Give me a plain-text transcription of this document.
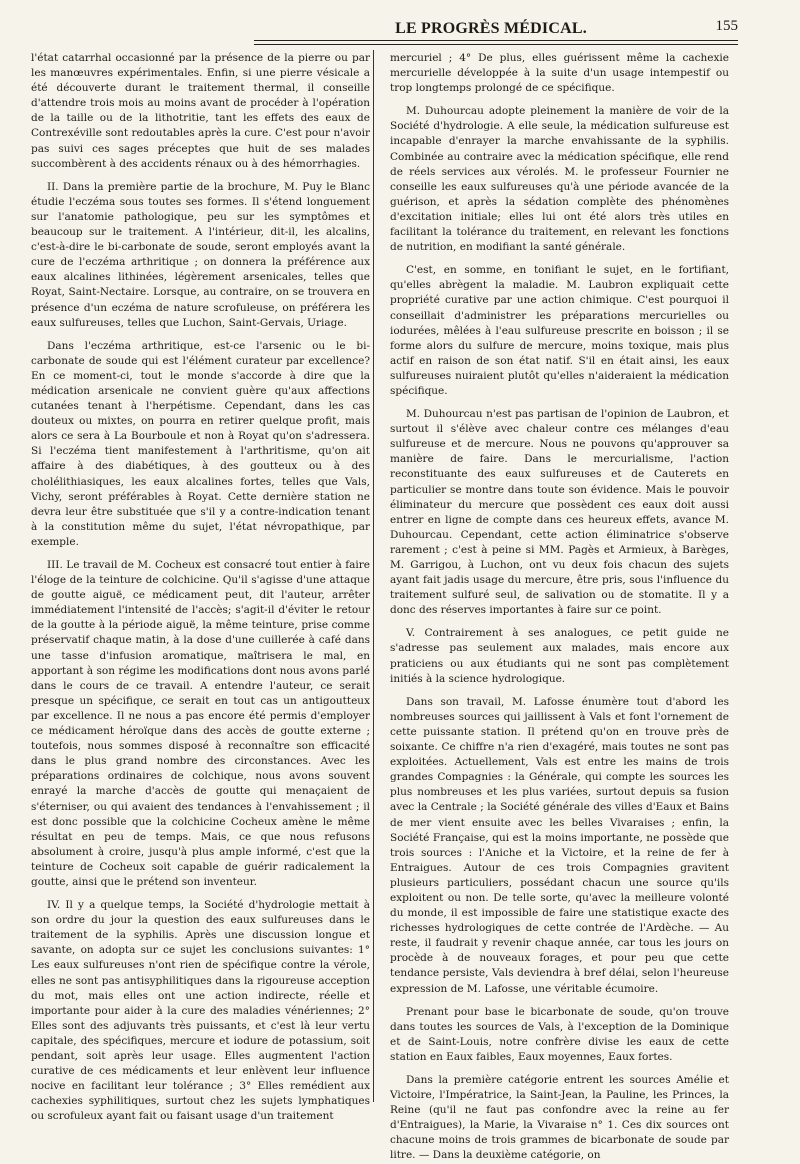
LE PROGRÈS MÉDICAL.	155

l'état catarrhal occasionné par la présence de la pierre ou par les manœuvres expérimentales. Enfin, si une pierre vésicale a été découverte durant le traitement thermal, il conseille d'attendre trois mois au moins avant de procéder à l'opération de la taille ou de la lithotritie, tant les effets des eaux de Contrexéville sont redoutables après la cure. C'est pour n'avoir pas suivi ces sages préceptes que huit de ses malades succombèrent à des accidents rénaux ou à des hémorrhagies.

II. Dans la première partie de la brochure, M. Puy le Blanc étudie l'eczéma sous toutes ses formes. Il s'étend longuement sur l'anatomie pathologique, peu sur les symptômes et beaucoup sur le traitement. A l'intérieur, dit-il, les alcalins, c'est-à-dire le bi-carbonate de soude, seront employés avant la cure de l'eczéma arthritique ; on donnera la préférence aux eaux alcalines lithinées, légèrement arsenicales, telles que Royat, Saint-Nectaire. Lorsque, au contraire, on se trouvera en présence d'un eczéma de nature scrofuleuse, on préférera les eaux sulfureuses, telles que Luchon, Saint-Gervais, Uriage.

Dans l'eczéma arthritique, est-ce l'arsenic ou le bi-carbonate de soude qui est l'élément curateur par excellence? En ce moment-ci, tout le monde s'accorde à dire que la médication arsenicale ne convient guère qu'aux affections cutanées tenant à l'herpétisme. Cependant, dans les cas douteux ou mixtes, on pourra en retirer quelque profit, mais alors ce sera à La Bourboule et non à Royat qu'on s'adressera. Si l'eczéma tient manifestement à l'arthritisme, qu'on ait affaire à des diabétiques, à des goutteux ou à des cholélithiasiques, les eaux alcalines fortes, telles que Vals, Vichy, seront préférables à Royat. Cette dernière station ne devra leur être substituée que s'il y a contre-indication tenant à la constitution même du sujet, l'état névropathique, par exemple.

III. Le travail de M. Cocheux est consacré tout entier à faire l'éloge de la teinture de colchicine. Qu'il s'agisse d'une attaque de goutte aiguë, ce médicament peut, dit l'auteur, arrêter immédiatement l'intensité de l'accès; s'agit-il d'éviter le retour de la goutte à la période aiguë, la même teinture, prise comme préservatif chaque matin, à la dose d'une cuillerée à café dans une tasse d'infusion aromatique, maîtrisera le mal, en apportant à son régime les modifications dont nous avons parlé dans le cours de ce travail. A entendre l'auteur, ce serait presque un spécifique, ce serait en tout cas un antigoutteux par excellence. Il ne nous a pas encore été permis d'employer ce médicament héroïque dans des accès de goutte externe ; toutefois, nous sommes disposé à reconnaître son efficacité dans le plus grand nombre des circonstances. Avec les préparations ordinaires de colchique, nous avons souvent enrayé la marche d'accès de goutte qui menaçaient de s'éterniser, ou qui avaient des tendances à l'envahissement ; il est donc possible que la colchicine Cocheux amène le même résultat en peu de temps. Mais, ce que nous refusons absolument à croire, jusqu'à plus ample informé, c'est que la teinture de Cocheux soit capable de guérir radicalement la goutte, ainsi que le prétend son inventeur.

IV. Il y a quelque temps, la Société d'hydrologie mettait à son ordre du jour la question des eaux sulfureuses dans le traitement de la syphilis. Après une discussion longue et savante, on adopta sur ce sujet les conclusions suivantes: 1° Les eaux sulfureuses n'ont rien de spécifique contre la vérole, elles ne sont pas antisyphilitiques dans la rigoureuse acception du mot, mais elles ont une action indirecte, réelle et importante pour aider à la cure des maladies vénériennes; 2° Elles sont des adjuvants très puissants, et c'est là leur vertu capitale, des spécifiques, mercure et iodure de potassium, soit pendant, soit après leur usage. Elles augmentent l'action curative de ces médicaments et leur enlèvent leur influence nocive en facilitant leur tolérance ; 3° Elles remédient aux cachexies syphilitiques, surtout chez les sujets lymphatiques ou scrofuleux ayant fait ou faisant usage d'un traitement

mercuriel ; 4° De plus, elles guérissent même la cachexie mercurielle développée à la suite d'un usage intempestif ou trop longtemps prolongé de ce spécifique.

M. Duhourcau adopte pleinement la manière de voir de la Société d'hydrologie. A elle seule, la médication sulfureuse est incapable d'enrayer la marche envahissante de la syphilis. Combinée au contraire avec la médication spécifique, elle rend de réels services aux vérolés. M. le professeur Fournier ne conseille les eaux sulfureuses qu'à une période avancée de la guérison, et après la sédation complète des phénomènes d'excitation initiale; elles lui ont été alors très utiles en facilitant la tolérance du traitement, en relevant les fonctions de nutrition, en modifiant la santé générale.

C'est, en somme, en tonifiant le sujet, en le fortifiant, qu'elles abrègent la maladie. M. Laubron expliquait cette propriété curative par une action chimique. C'est pourquoi il conseillait d'administrer les préparations mercurielles ou iodurées, mêlées à l'eau sulfureuse prescrite en boisson ; il se forme alors du sulfure de mercure, moins toxique, mais plus actif en raison de son état natif. S'il en était ainsi, les eaux sulfureuses nuiraient plutôt qu'elles n'aideraient la médication spécifique.

M. Duhourcau n'est pas partisan de l'opinion de Laubron, et surtout il s'élève avec chaleur contre ces mélanges d'eau sulfureuse et de mercure. Nous ne pouvons qu'approuver sa manière de faire. Dans le mercurialisme, l'action reconstituante des eaux sulfureuses et de Cauterets en particulier se montre dans toute son évidence. Mais le pouvoir éliminateur du mercure que possèdent ces eaux doit aussi entrer en ligne de compte dans ces heureux effets, avance M. Duhourcau. Cependant, cette action éliminatrice s'observe rarement ; c'est à peine si MM. Pagès et Armieux, à Barèges, M. Garrigou, à Luchon, ont vu deux fois chacun des sujets ayant fait jadis usage du mercure, être pris, sous l'influence du traitement sulfuré seul, de salivation ou de stomatite. Il y a donc des réserves importantes à faire sur ce point.

V. Contrairement à ses analogues, ce petit guide ne s'adresse pas seulement aux malades, mais encore aux praticiens ou aux étudiants qui ne sont pas complètement initiés à la science hydrologique.

Dans son travail, M. Lafosse énumère tout d'abord les nombreuses sources qui jaillissent à Vals et font l'ornement de cette puissante station. Il prétend qu'on en trouve près de soixante. Ce chiffre n'a rien d'exagéré, mais toutes ne sont pas exploitées. Actuellement, Vals est entre les mains de trois grandes Compagnies : la Générale, qui compte les sources les plus nombreuses et les plus variées, surtout depuis sa fusion avec la Centrale ; la Société générale des villes d'Eaux et Bains de mer vient ensuite avec les belles Vivaraises ; enfin, la Société Française, qui est la moins importante, ne possède que trois sources : l'Aniche et la Victoire, et la reine de fer à Entraigues. Autour de ces trois Compagnies gravitent plusieurs particuliers, possédant chacun une source qu'ils exploitent ou non. De telle sorte, qu'avec la meilleure volonté du monde, il est impossible de faire une statistique exacte des richesses hydrologiques de cette contrée de l'Ardèche. — Au reste, il faudrait y revenir chaque année, car tous les jours on procède à de nouveaux forages, et pour peu que cette tendance persiste, Vals deviendra à bref délai, selon l'heureuse expression de M. Lafosse, une véritable écumoire.

Prenant pour base le bicarbonate de soude, qu'on trouve dans toutes les sources de Vals, à l'exception de la Dominique et de Saint-Louis, notre confrère divise les eaux de cette station en Eaux faibles, Eaux moyennes, Eaux fortes.

Dans la première catégorie entrent les sources Amélie et Victoire, l'Impératrice, la Saint-Jean, la Pauline, les Princes, la Reine (qu'il ne faut pas confondre avec la reine au fer d'Entraigues), la Marie, la Vivaraise n° 1. Ces dix sources ont chacune moins de trois grammes de bicarbonate de soude par litre. — Dans la deuxième catégorie, on
